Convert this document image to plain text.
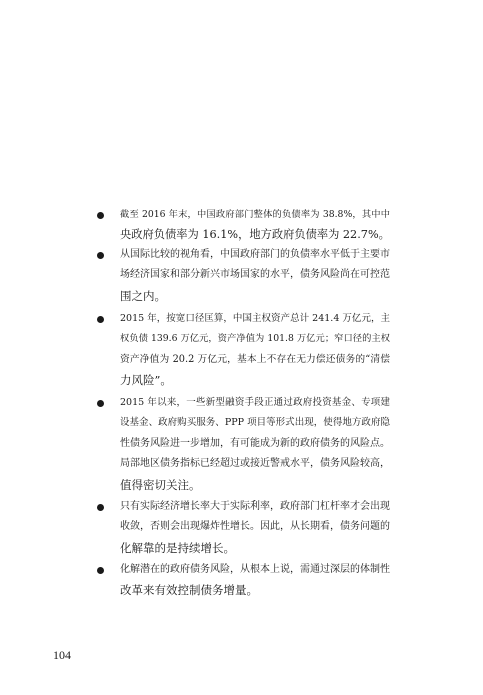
截至 2016 年末，中国政府部门整体的负债率为 38.8%，其中中
央政府负债率为 16.1%，地方政府负债率为 22.7%。
从国际比较的视角看，中国政府部门的负债率水平低于主要市
场经济国家和部分新兴市场国家的水平，债务风险尚在可控范
围之内。
2015 年，按宽口径匡算，中国主权资产总计 241.4 万亿元，主
权负债 139.6 万亿元，资产净值为 101.8 万亿元；窄口径的主权
资产净值为 20.2 万亿元，基本上不存在无力偿还债务的“清偿
力风险”。
2015 年以来，一些新型融资手段正通过政府投资基金、专项建
设基金、政府购买服务、PPP 项目等形式出现，使得地方政府隐
性债务风险进一步增加，有可能成为新的政府债务的风险点。
局部地区债务指标已经超过或接近警戒水平，债务风险较高，
值得密切关注。
只有实际经济增长率大于实际利率，政府部门杠杆率才会出现
收敛，否则会出现爆炸性增长。因此，从长期看，债务问题的
化解靠的是持续增长。
化解潜在的政府债务风险，从根本上说，需通过深层的体制性
改革来有效控制债务增量。
104
